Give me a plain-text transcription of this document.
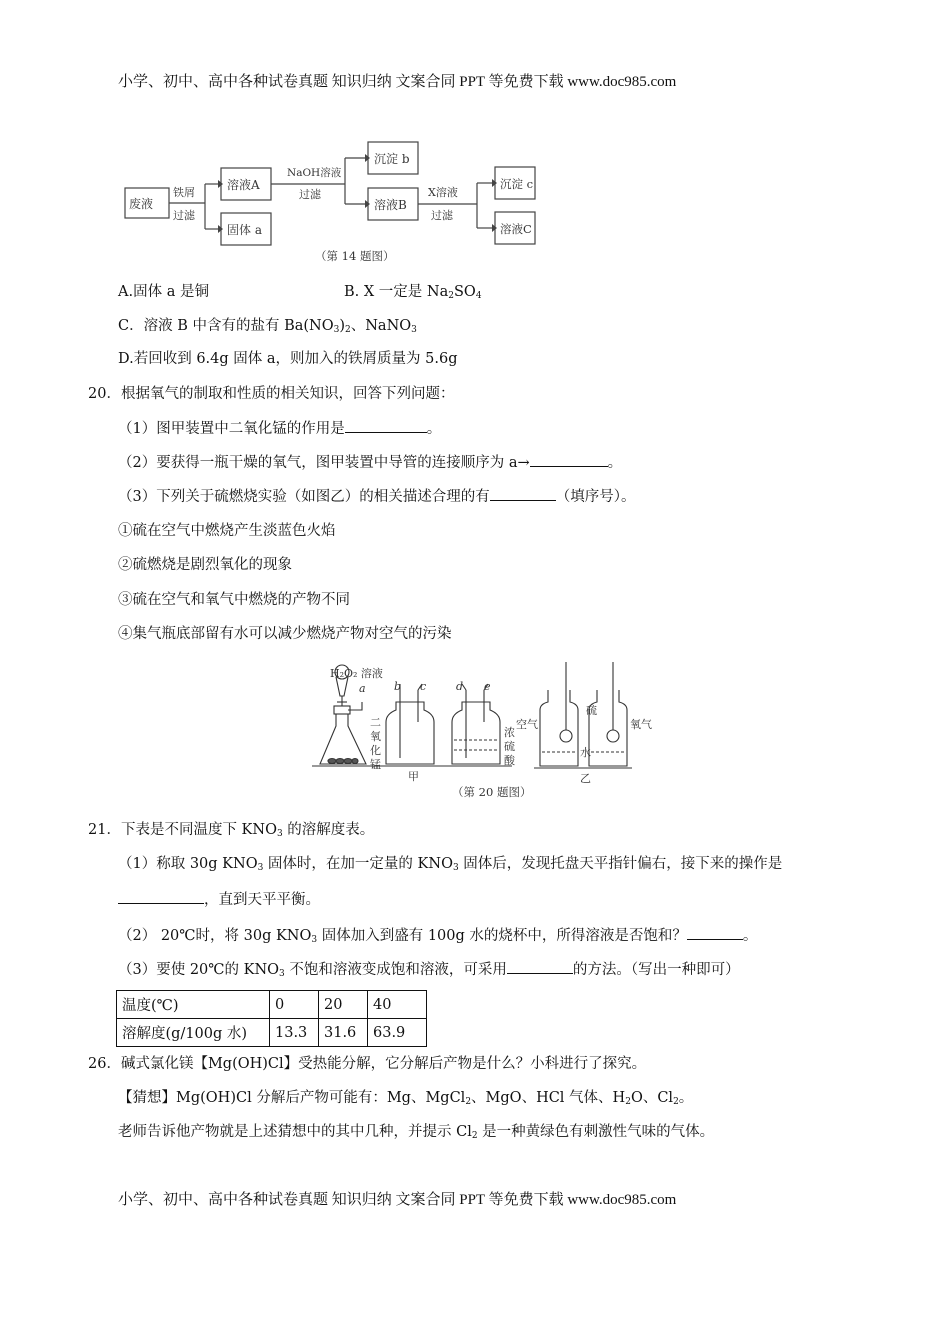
小学、初中、高中各种试卷真题 知识归纳 文案合同 PPT 等免费下载 www.doc985.com
废液
铁屑
过滤
溶液A
固体 a
NaOH溶液
过滤
沉淀 b
溶液B
X溶液
过滤
沉淀 c
溶液C
（第 14 题图）
A.固体 a 是铜	B. X 一定是 $Na_2SO_4$
C．溶液 B 中含有的盐有 $Ba(NO_3)_2$、NaNO$_3$
D.若回收到 6.4g 固体 a，则加入的铁屑质量为 5.6g
20．根据氧气的制取和性质的相关知识，回答下列问题：
（1）图甲装置中二氧化锰的作用是	。
（2）要获得一瓶干燥的氧气，图甲装置中导管的连接顺序为 a→	。
（3）下列关于硫燃烧实验（如图乙）的相关描述合理的有	（填序号）。
①硫在空气中燃烧产生淡蓝色火焰
②硫燃烧是剧烈氧化的现象
③硫在空气和氧气中燃烧的产物不同
④集气瓶底部留有水可以减少燃烧产物对空气的污染
H₂O₂ 溶液
a	b c	d e
二
氧
化
锰
浓
硫
酸
甲
空气
硫
氧气
水
乙
（第 20 题图）
21．下表是不同温度下 $KNO_3$ 的溶解度表。
（1）称取 30g $KNO_3$ 固体时，在加一定量的 $KNO_3$ 固体后，发现托盘天平指针偏右，接下来的操作是
，直到天平平衡。
（2） 20℃时，将 30g $KNO_3$ 固体加入到盛有 100g 水的烧杯中，所得溶液是否饱和？	。
（3）要使 20℃的 $KNO_3$ 不饱和溶液变成饱和溶液，可采用	的方法。（写出一种即可）
温度(℃)	0	20	40
溶解度(g/100g 水)	13.3	31.6	63.9
26．碱式氯化镁【Mg(OH)Cl】受热能分解，它分解后产物是什么？小科进行了探究。
【猜想】Mg(OH)Cl 分解后产物可能有：Mg、MgCl$_2$、MgO、HCl 气体、$H_2O$、$Cl_2$。
老师告诉他产物就是上述猜想中的其中几种，并提示 $Cl_2$ 是一种黄绿色有刺激性气味的气体。
小学、初中、高中各种试卷真题 知识归纳 文案合同 PPT 等免费下载 www.doc985.com
